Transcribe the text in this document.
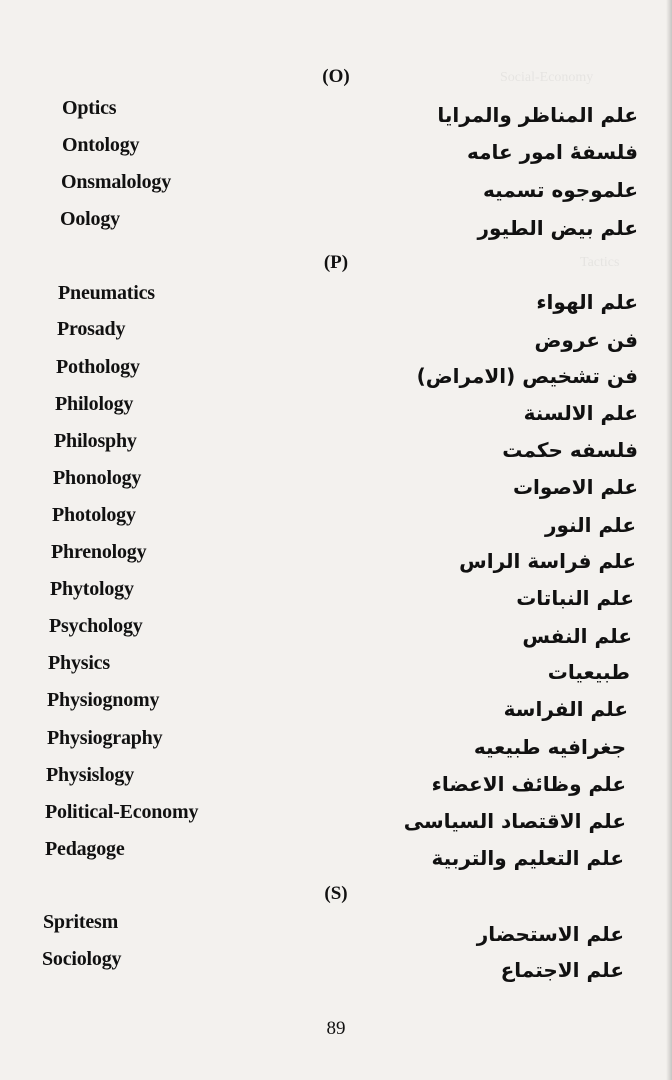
Social-Economy
Tactics
(O)
Optics	علم المناظر والمرايا
Ontology	فلسفهٔ امور عامه
Onsmalology	علموجوه تسميه
Oology	علم بيض الطيور
(P)
Pneumatics	علم الهواء
Prosady	فن عروض
Pothology	فن تشخيص (الامراض)
Philology	علم الالسنة
Philosphy	فلسفه حكمت
Phonology	علم الاصوات
Photology	علم النور
Phrenology	علم فراسة الراس
Phytology	علم النباتات
Psychology	علم النفس
Physics	طبيعيات
Physiognomy	علم الفراسة
Physiography	جغرافيه طبيعيه
Physislogy	علم وظائف الاعضاء
Political-Economy	علم الاقتصاد السياسى
Pedagoge	علم التعليم والتربية
(S)
Spritesm	علم الاستحضار
Sociology	علم الاجتماع
89
